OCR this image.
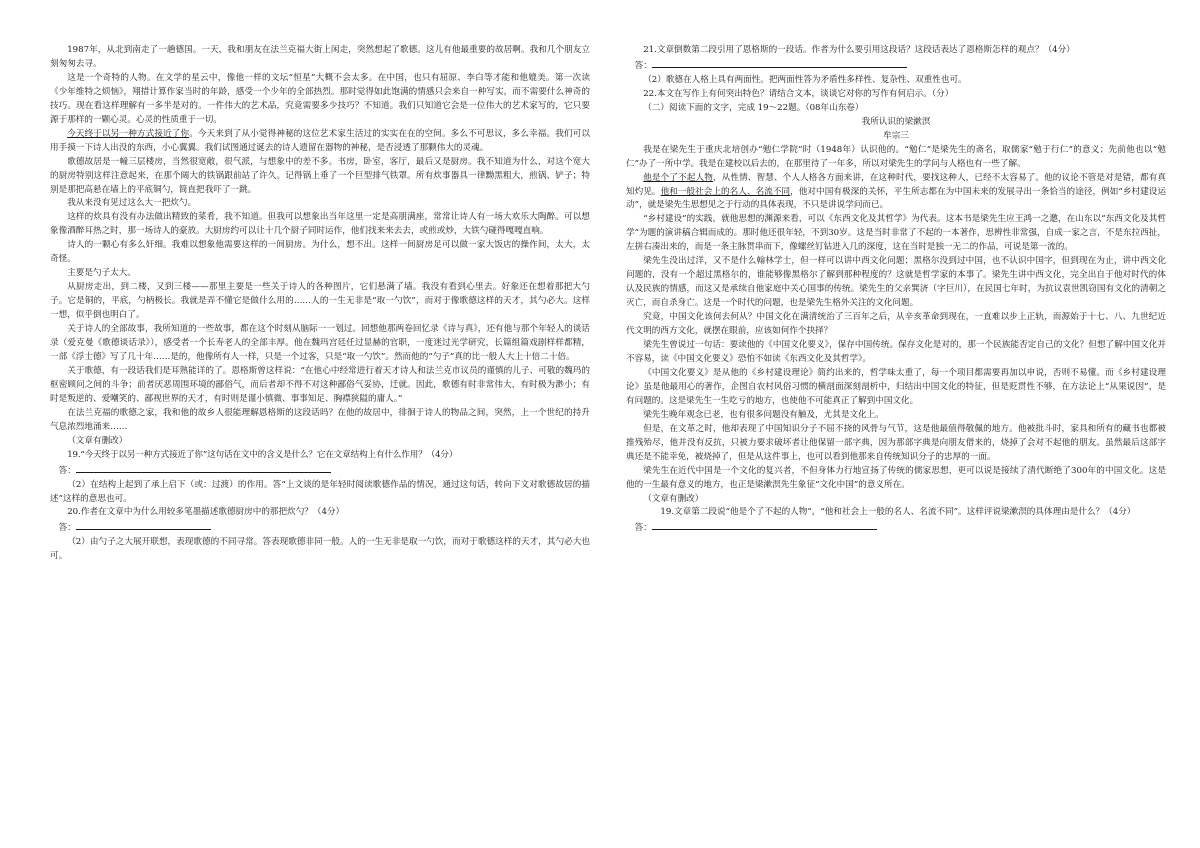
1987年，从北到南走了一趟德国。一天，我和朋友在法兰克福大街上闲走，突然想起了歌德。这儿有他最重要的故居啊。我和几个朋友立刻匆匆去寻。

这是一个奇特的人物。在文学的星云中，像他一样的文坛“恒星”大概不会太多。在中国，也只有屈原、李白等才能和他媲美。第一次读《少年维特之烦恼》，翔措计算作家当时的年龄，感受一个少年的全部热烈。那时觉得如此饱满的情感只会来自一种写实，而不需要什么神奇的技巧。现在看这样理解有一多半是对的。一件伟大的艺术品，究竟需要多少技巧？不知道。我们只知道它会是一位伟大的艺术家写的，它只要源于那样的一颗心灵。心灵的性质重于一切。

今天终于以另一种方式接近了你。今天来到了从小觉得神秘的这位艺术家生活过的实实在在的空间。多么不可思议，多么幸福。我们可以用手摸一下诗人出没的东西，小心翼翼。我们试图通过诞去的诗人遗留在器物的神秘，是否浸透了那颗伟大的灵魂。

歌德故居是一幢三层楼房，当然很宽敞，很气派，与想象中的差不多。书房，卧室，客厅，最后又是厨房。我不知道为什么，对这个宽大的厨房特别这样注意起来，在那个阔大的铁锅跟前站了许久。记得锅上垂了一个巨型排气铁罩。所有炊事器具一律黝黑粗大，煎锅、铲子；特别是那把高悬在墙上的平底铜勺，简直把我吓了一跳。

我从来没有见过这么大一把炊勺。

这样的炊具有没有办法做出精致的菜肴，我不知道。但我可以想象出当年这里一定是高朋满座，常常让诗人有一场大欢乐大陶醉。可以想象像酒醉耳热之时，那一场诗人的豪放。大厨房约可以让十几个厨子同时运作，他们找来来去去，或煎或炒，大铁勺碰得嘎嘎直响。

诗人的一颗心有多么奸细。我难以想象他需要这样的一间厨房。为什么，想不出。这样一间厨房足可以做一家大饭店的操作间，太大，太奇怪。

主要是勺子太大。

从厨房走出，到二楼，又到三楼——那里主要是一些关于诗人的各种图片，它们悬满了墙。我没有看到心里去。好象还在想着那把大勺子。它是铜的，平底，勺柄极长。我就是弄不懂它是做什么用的……人的一生无非是“取一勺饮”，而对于像歌德这样的天才，其勺必大。这样一想，似乎倒也明白了。

关于诗人的全部故事，我所知道的一些故事，都在这个时刻从脑际一一划过。回想他那两卷回忆录《诗与真》，还有他与那个年轻人的谈话录（爱克曼《歌德谈话录》），感受者一个长寿老人的全部丰厚。他在魏玛宫廷任过显赫的官职，一度迷过光学研究，长篇组篇戏剧样样都精，一部《浮士德》写了几十年……是的，他像所有人一样，只是一个过客，只是“取一勺饮”。然而他的“勺子”真的比一般人大上十倍二十倍。

关于歌德，有一段话我们是耳熟能详的了。恩格斯曾这样说：“在他心中经常进行着天才诗人和法兰克市议员的谨慎的儿子、可敬的魏玛的枢密顾问之间的斗争；前者厌恶周围环境的鄙俗气，而后者却不得不对这种鄙俗气妥协，迁就。因此，歌德有时非常伟大，有时极为渺小；有时是叛逆的、爱嘲笑的、鄙视世界的天才，有时则是谨小慎微、事事知足、胸襟狭隘的庸人。”

在法兰克福的歌德之家，我和他的故乡人很能理解恩格斯的这段话吗？在他的故居中，徘徊于诗人的物品之间，突然，上一个世纪的持升气息浓烈地涌来……

（文章有删改）

19.“今天终于以另一种方式接近了你”这句话在文中的含义是什么？它在文章结构上有什么作用？（4分）

答：

（2）在结构上起到了承上启下（或：过渡）的作用。答“上文谈的是年轻时阅读歌德作品的情况，通过这句话，转向下文对歌德故居的描述”这样的意思也可。

20.作者在文章中为什么用较多笔墨描述歌德厨房中的那把炊勺？（4分）

答：

（2）由勺子之大展开联想，表现歌德的不同寻常。答表现歌德非同一般。人的一生无非是取一勺饮，而对于歌德这样的天才，其勺必大也可。

21.文章倒数第二段引用了恩格斯的一段话。作者为什么要引用这段话？这段话表达了恩格斯怎样的观点？（4分）

答：

（2）歌德在人格上具有两面性。把两面性答为矛盾性多样性、复杂性、双重性也可。

22.本文在写作上有何突出特色？请结合文本，谈谈它对你的写作有何启示。（分）

（二）阅读下面的文字，完成 19～22题。（08年山东卷）

我所认识的梁漱溟

牟宗三

我是在梁先生于重庆北培创办“勉仁学院”时（1948年）认识他的。“勉仁”是梁先生的斋名，取儒家“勉于行仁”的意义；先前他也以“勉仁”办了一所中学。我是在建校以后去的，在那里待了一年多，所以对梁先生的学问与人格也有一些了解。

他是个了不起人物，从性情、智慧、个人人格各方面来讲，在这种时代，要找这种人，已经不太容易了。他的议论不管是对是错，都有真知灼见。他和一般社会上的名人、名流不同，他对中国有极深的关怀，平生所志都在为中国未来的发展寻出一条恰当的途径，例如“乡村建设运动”，就是梁先生思想见之于行动的具体表现，不只是讲说学问而已。

“乡村建设”的实践，就他思想的渊源来看，可以《东西文化及其哲学》为代表。这本书是梁先生应王鸿一之邀，在山东以“东西文化及其哲学”为题的演讲稿合辑而成的。那时他还很年轻，不到30岁。这是当时非常了不起的一本著作，思辨性非常强，自成一家之言，不是东拉西扯，左拼右凑出来的，而是一条主脉贯串而下，像螺丝钉钻进入几的深度，这在当时是独一无二的作品，可说是第一流的。

梁先生没出过洋，又不是什么翰林学士，但一样可以讲中西文化问题；黑格尔没到过中国，也不认识中国字，但到现在为止，讲中西文化问题的，没有一个超过黑格尔的，谁能够像黑格尔了解到那种程度的？这就是哲学家的本事了。梁先生讲中西文化，完全出自于他对时代的体认及民族的情感，而这又是承续自他家庭中关心国事的传统。梁先生的父亲巽济（字巨川），在民国七年时，为抗议袁世凯窃国有文化的清朝之灭亡，而自杀身亡。这是一个时代的问题，也是梁先生格外关注的文化问题。

究竟，中国文化该何去何从？中国文化在满清统治了三百年之后，从辛亥革命到现在，一直难以步上正轨，而源始于十七、八、九世纪近代文明的西方文化，就摆在眼前，应该如何作个抉择？

梁先生曾说过一句话：要读他的《中国文化要义》，保存中国传统。保存文化是对的，那一个民族能否定自己的文化？但想了解中国文化并不容易，读《中国文化要义》恐怕不如读《东西文化及其哲学》。

《中国文化要义》是从他的《乡村建设理论》简约出来的，哲学味太重了，每一个项目都需要再加以申说，否则不易懂。而《乡村建设理论》虽是他最用心的著作，企图自农村风俗习惯的横剖面深刻剖析中，归结出中国文化的特征，但是贬贯性不够，在方法论上“从果说因”，是有问题的。这是梁先生一生吃亏的地方，也使他不可能真正了解到中国文化。

梁先生晚年观念已老，也有很多问题没有触及，尤其是文化上。

但是，在文革之时，他却表现了中国知识分子不屈不挠的风骨与气节，这是他最值得敬佩的地方。他被批斗时，家具和所有的藏书也都被推残殆尽，他并没有反抗，只被力要求破坏者让他保留一部字典，因为那部字典是向朋友借来的，烧掉了会对不起他的朋友。虽然最后这部字典还是不能幸免，被烧掉了，但是从这件事上，也可以看到他那来自传统知识分子的忠厚的一面。

梁先生在近代中国是一个文化的复兴者，不但身体力行地宣扬了传统的儒家思想，更可以说是接续了清代断绝了300年的中国文化。这是他的一生最有意义的地方，也正是梁漱溟先生象征“文化中国”的意义所在。

（文章有删改）

19.文章第二段说“他是个了不起的人物”，“他和社会上一般的名人、名流不同”。这样评说梁漱溟的具体理由是什么？（4分）

答：
